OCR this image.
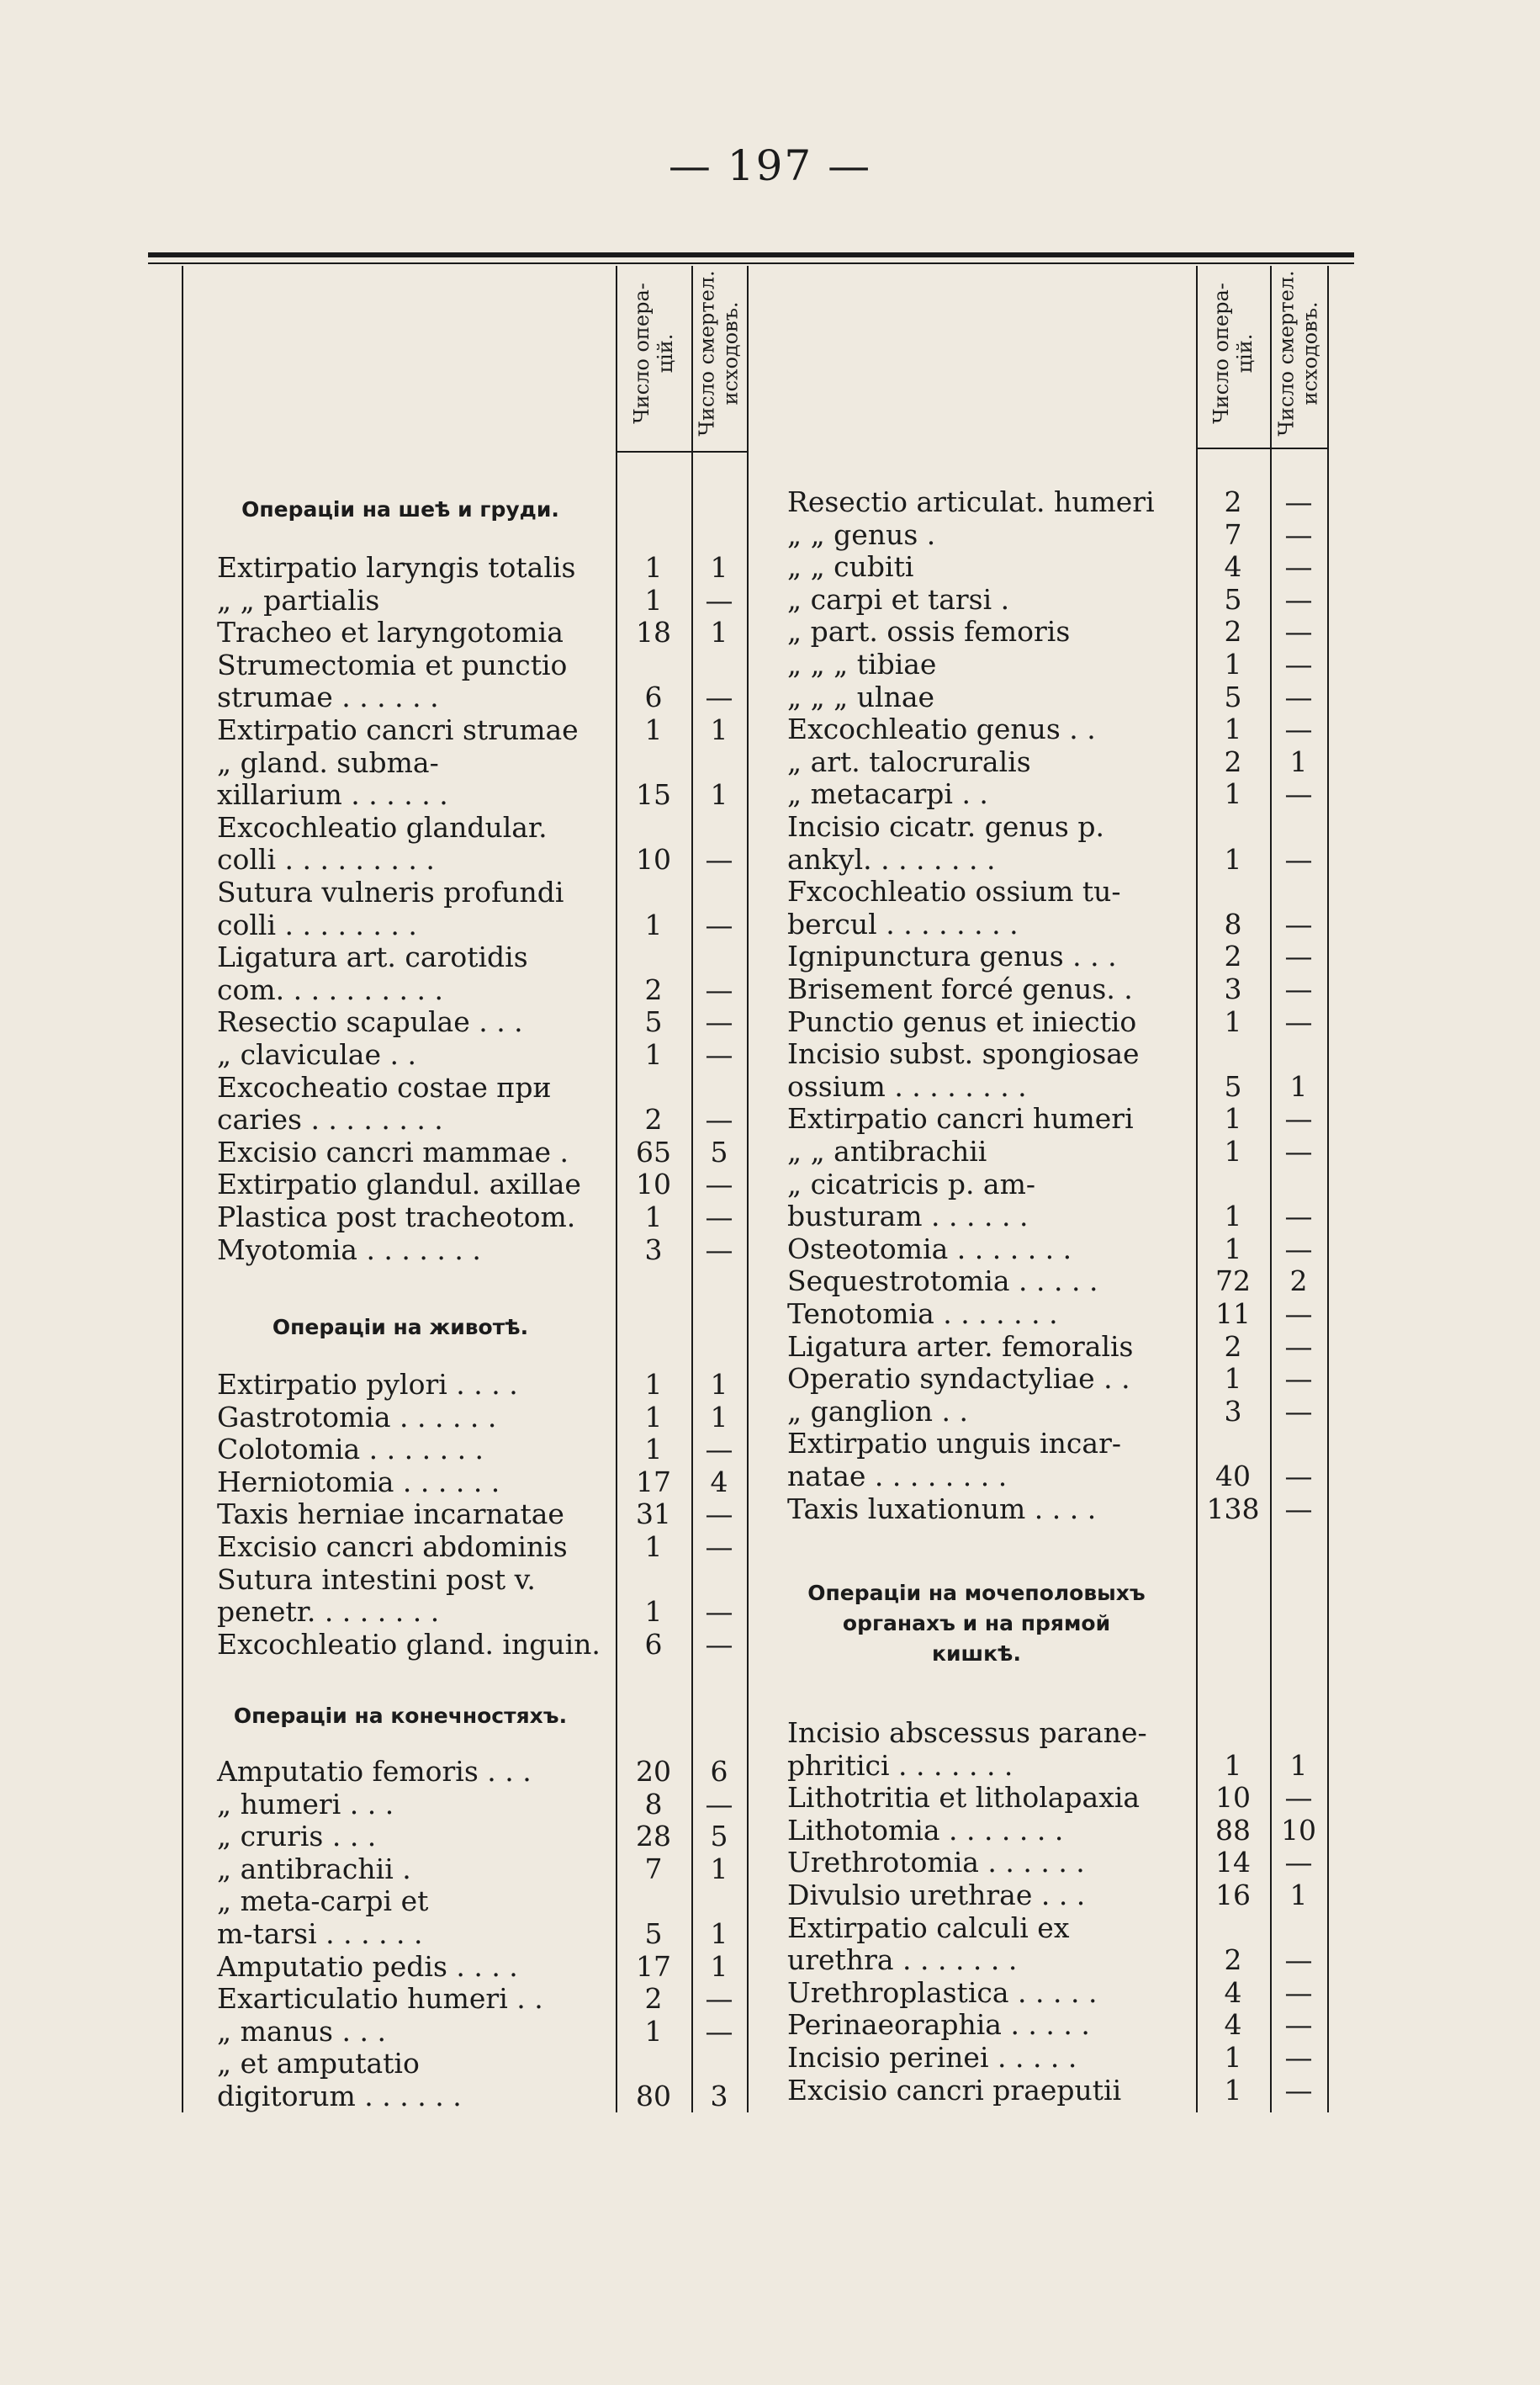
— 197 —
Число опера-
цій.
Число смертел.
исходовъ.	Число опера-
цій.
Число смертел.
исходовъ.
Операціи на шеѣ и груди.
Extirpatio laryngis totalis	1	1
„ „ partialis	1	—
Tracheo et laryngotomia	18	1
Strumectomia et punctio
strumae . . . . . .	6	—
Extirpatio cancri strumae	1	1
„ gland. subma-
xillarium . . . . . .	15	1
Excochleatio glandular.
colli . . . . . . . . .	10	—
Sutura vulneris profundi
colli . . . . . . . .	1	—
Ligatura art. carotidis
com. . . . . . . . . .	2	—
Resectio scapulae . . .	5	—
„ claviculae . .	1	—
Excocheatio costae при
caries . . . . . . . .	2	—
Excisio cancri mammae .	65	5
Extirpatio glandul. axillae	10	—
Plastica post tracheotom.	1	—
Myotomia . . . . . . .	3	—
Операціи на животѣ.
Extirpatio pylori . . . .	1	1
Gastrotomia . . . . . .	1	1
Colotomia . . . . . . .	1	—
Herniotomia . . . . . .	17	4
Taxis herniae incarnatae	31	—
Excisio cancri abdominis	1	—
Sutura intestini post v.
penetr. . . . . . . .	1	—
Excochleatio gland. inguin.	6	—
Операціи на конечностяхъ.
Amputatio femoris . . .	20	6
„ humeri . . .	8	—
„ cruris . . .	28	5
„ antibrachii .	7	1
„ meta-carpi et
m-tarsi . . . . . .	5	1
Amputatio pedis . . . .	17	1
Exarticulatio humeri . .	2	—
„ manus . . .	1	—
„ et amputatio
digitorum . . . . . .	80	3
Resectio articulat. humeri	2	—
„ „ genus .	7	—
„ „ cubiti	4	—
„ carpi et tarsi .	5	—
„ part. ossis femoris	2	—
„ „ „ tibiae	1	—
„ „ „ ulnae	5	—
Excochleatio genus . .	1	—
„ art. talocruralis	2	1
„ metacarpi . .	1	—
Incisio cicatr. genus p.
ankyl. . . . . . . .	1	—
Fxcochleatio ossium tu-
bercul . . . . . . . .	8	—
Ignipunctura genus . . .	2	—
Brisement forcé genus. .	3	—
Punctio genus et iniectio	1	—
Incisio subst. spongiosae
ossium . . . . . . . .	5	1
Extirpatio cancri humeri	1	—
„ „ antibrachii	1	—
„ cicatricis p. am-
busturam . . . . . .	1	—
Osteotomia . . . . . . .	1	—
Sequestrotomia . . . . .	72	2
Tenotomia . . . . . . .	11	—
Ligatura arter. femoralis	2	—
Operatio syndactyliae . .	1	—
„ ganglion . .	3	—
Extirpatio unguis incar-
natae . . . . . . . .	40	—
Taxis luxationum . . . .	138 —
Операціи на мочеполовыхъ
органахъ и на прямой
кишкѣ.
Incisio abscessus parane-
phritici . . . . . . .	1	1
Lithotritia et litholapaxia	10	—
Lithotomia . . . . . . .	88	10
Urethrotomia . . . . . .	14	—
Divulsio urethrae . . .	16	1
Extirpatio calculi ex
urethra . . . . . . .	2	—
Urethroplastica . . . . .	4	—
Perinaeoraphia . . . . .	4	—
Incisio perinei . . . . .	1	—
Excisio cancri praeputii	1	—
